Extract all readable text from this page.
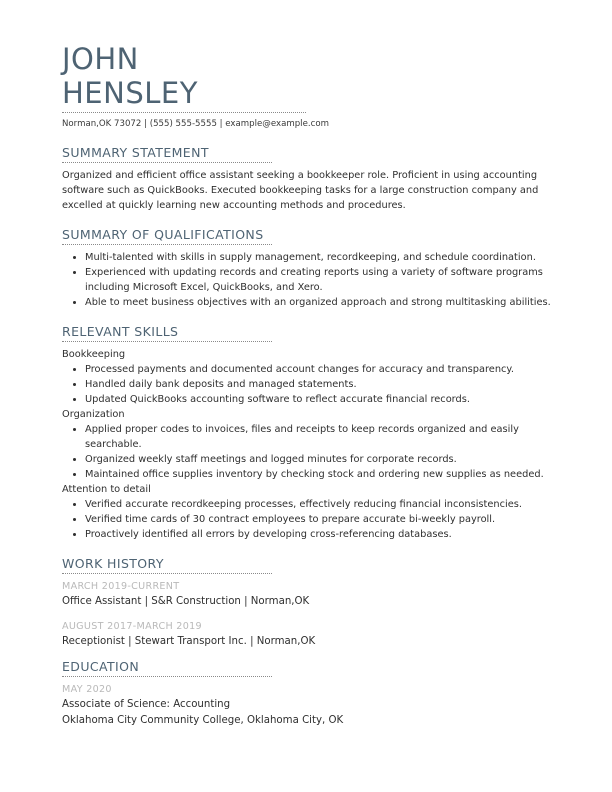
JOHN
HENSLEY
Norman,OK 73072 | (555) 555-5555 | example@example.com
SUMMARY STATEMENT
Organized and efficient office assistant seeking a bookkeeper role. Proficient in using accounting software such as QuickBooks. Executed bookkeeping tasks for a large construction company and excelled at quickly learning new accounting methods and procedures.
SUMMARY OF QUALIFICATIONS
• Multi-talented with skills in supply management, recordkeeping, and schedule coordination.
• Experienced with updating records and creating reports using a variety of software programs including Microsoft Excel, QuickBooks, and Xero.
• Able to meet business objectives with an organized approach and strong multitasking abilities.
RELEVANT SKILLS
Bookkeeping
• Processed payments and documented account changes for accuracy and transparency.
• Handled daily bank deposits and managed statements.
• Updated QuickBooks accounting software to reflect accurate financial records.
Organization
• Applied proper codes to invoices, files and receipts to keep records organized and easily searchable.
• Organized weekly staff meetings and logged minutes for corporate records.
• Maintained office supplies inventory by checking stock and ordering new supplies as needed.
Attention to detail
• Verified accurate recordkeeping processes, effectively reducing financial inconsistencies.
• Verified time cards of 30 contract employees to prepare accurate bi-weekly payroll.
• Proactively identified all errors by developing cross-referencing databases.
WORK HISTORY
MARCH 2019-CURRENT
Office Assistant | S&R Construction | Norman,OK
AUGUST 2017-MARCH 2019
Receptionist | Stewart Transport Inc. | Norman,OK
EDUCATION
MAY 2020
Associate of Science: Accounting
Oklahoma City Community College, Oklahoma City, OK
